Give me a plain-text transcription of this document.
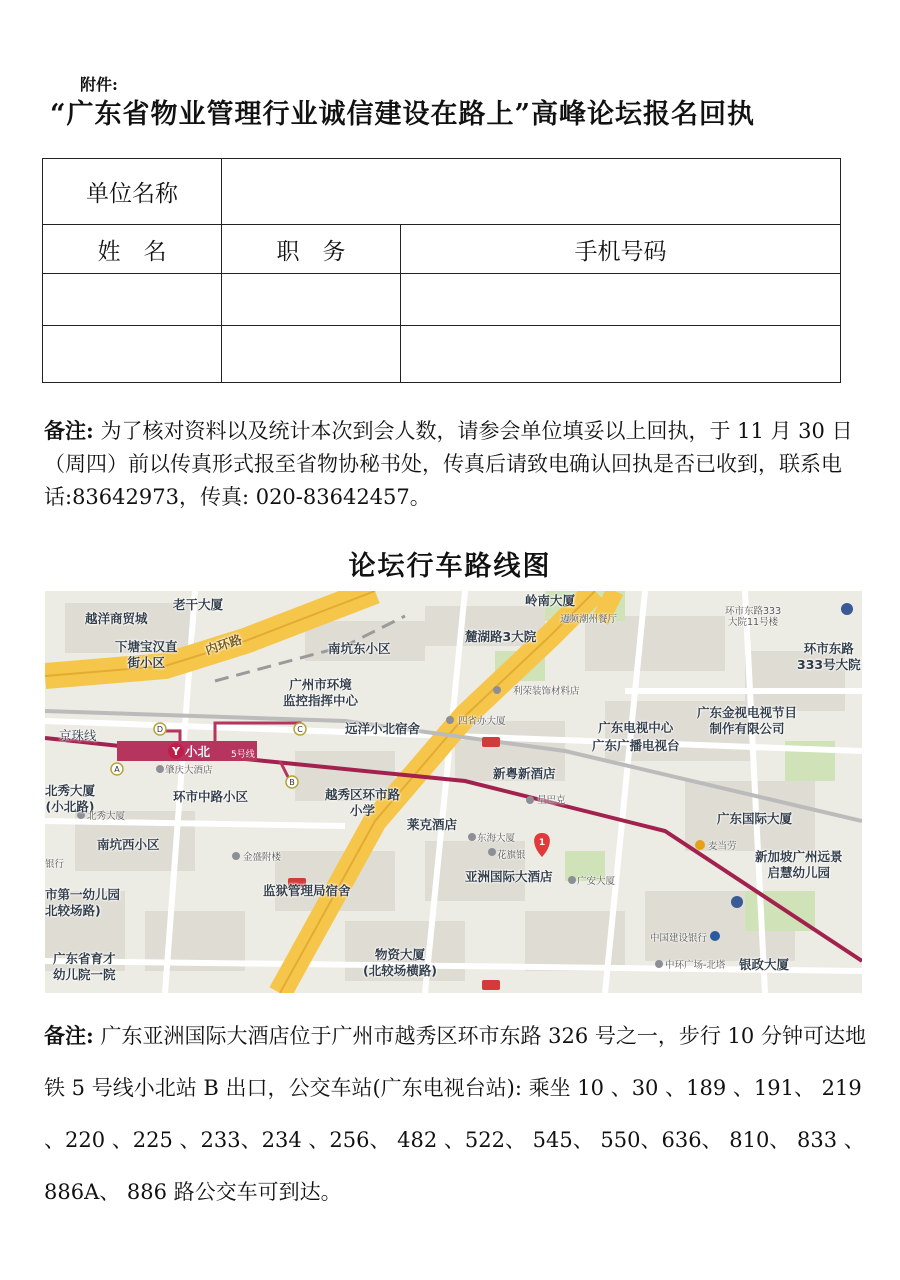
附件:
“广东省物业管理行业诚信建设在路上”高峰论坛报名回执
单位名称		
姓　名	职　务	手机号码

备注: 为了核对资料以及统计本次到会人数，请参会单位填妥以上回执，于 11 月 30 日（周四）前以传真形式报至省物协秘书处，传真后请致电确认回执是否已收到，联系电话:83642973，传真: 020-83642457。
论坛行车路线图
Y
D	C
A
B
1
老干大厦
越洋商贸城
下塘宝汉直
街小区
内环路	南坑东小区
岭南大厦
迈频潮州餐厅
麓湖路3大院
环市东路333
大院11号楼
环市东路
333号大院
广州市环境
监控指挥中心
利荣装饰材料店
远洋小北宿舍	四省办大厦
京珠线
小北 5号线
肇庆大酒店
广东电视中心
广东广播电视台
广东金视电视节目
制作有限公司
北秀大厦
(小北路)
环市中路小区	越秀区环市路
小学
新粤新酒店
星巴克
北秀大厦	广东国际大厦
莱克酒店
东海大厦
花旗银
麦当劳
南坑西小区
金盛附楼
亚洲国际大酒店	广安大厦
新加坡广州远景
启慧幼儿园
银行
市第一幼儿园
北较场路)
监狱管理局宿舍
中国建设银行
广东省育才
幼儿院一院
物资大厦
(北较场横路)	中环广场-北塔 银政大厦
备注: 广东亚洲国际大酒店位于广州市越秀区环市东路 326 号之一，步行 10 分钟可达地铁 5 号线小北站 B 出口，公交车站(广东电视台站): 乘坐 10 、30 、189 、191、 219 、220 、225 、233、234 、256、 482 、522、 545、 550、636、 810、 833 、886A、 886 路公交车可到达。
